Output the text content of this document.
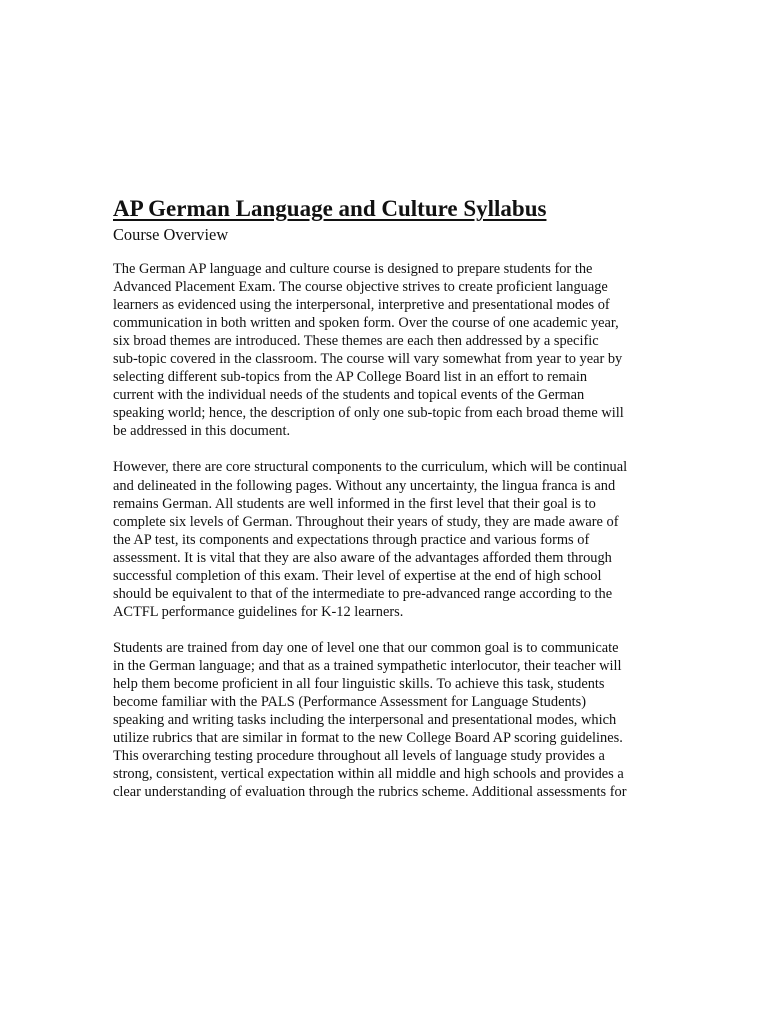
AP German Language and Culture Syllabus
Course Overview
The German AP language and culture course is designed to prepare students for the
Advanced Placement Exam. The course objective strives to create proficient language
learners as evidenced using the interpersonal, interpretive and presentational modes of
communication in both written and spoken form. Over the course of one academic year,
six broad themes are introduced. These themes are each then addressed by a specific
sub-topic covered in the classroom. The course will vary somewhat from year to year by
selecting different sub-topics from the AP College Board list in an effort to remain
current with the individual needs of the students and topical events of the German
speaking world; hence, the description of only one sub-topic from each broad theme will
be addressed in this document.
However, there are core structural components to the curriculum, which will be continual
and delineated in the following pages. Without any uncertainty, the lingua franca is and
remains German. All students are well informed in the first level that their goal is to
complete six levels of German. Throughout their years of study, they are made aware of
the AP test, its components and expectations through practice and various forms of
assessment. It is vital that they are also aware of the advantages afforded them through
successful completion of this exam. Their level of expertise at the end of high school
should be equivalent to that of the intermediate to pre-advanced range according to the
ACTFL performance guidelines for K-12 learners.
Students are trained from day one of level one that our common goal is to communicate
in the German language; and that as a trained sympathetic interlocutor, their teacher will
help them become proficient in all four linguistic skills. To achieve this task, students
become familiar with the PALS (Performance Assessment for Language Students)
speaking and writing tasks including the interpersonal and presentational modes, which
utilize rubrics that are similar in format to the new College Board AP scoring guidelines.
This overarching testing procedure throughout all levels of language study provides a
strong, consistent, vertical expectation within all middle and high schools and provides a
clear understanding of evaluation through the rubrics scheme. Additional assessments for
